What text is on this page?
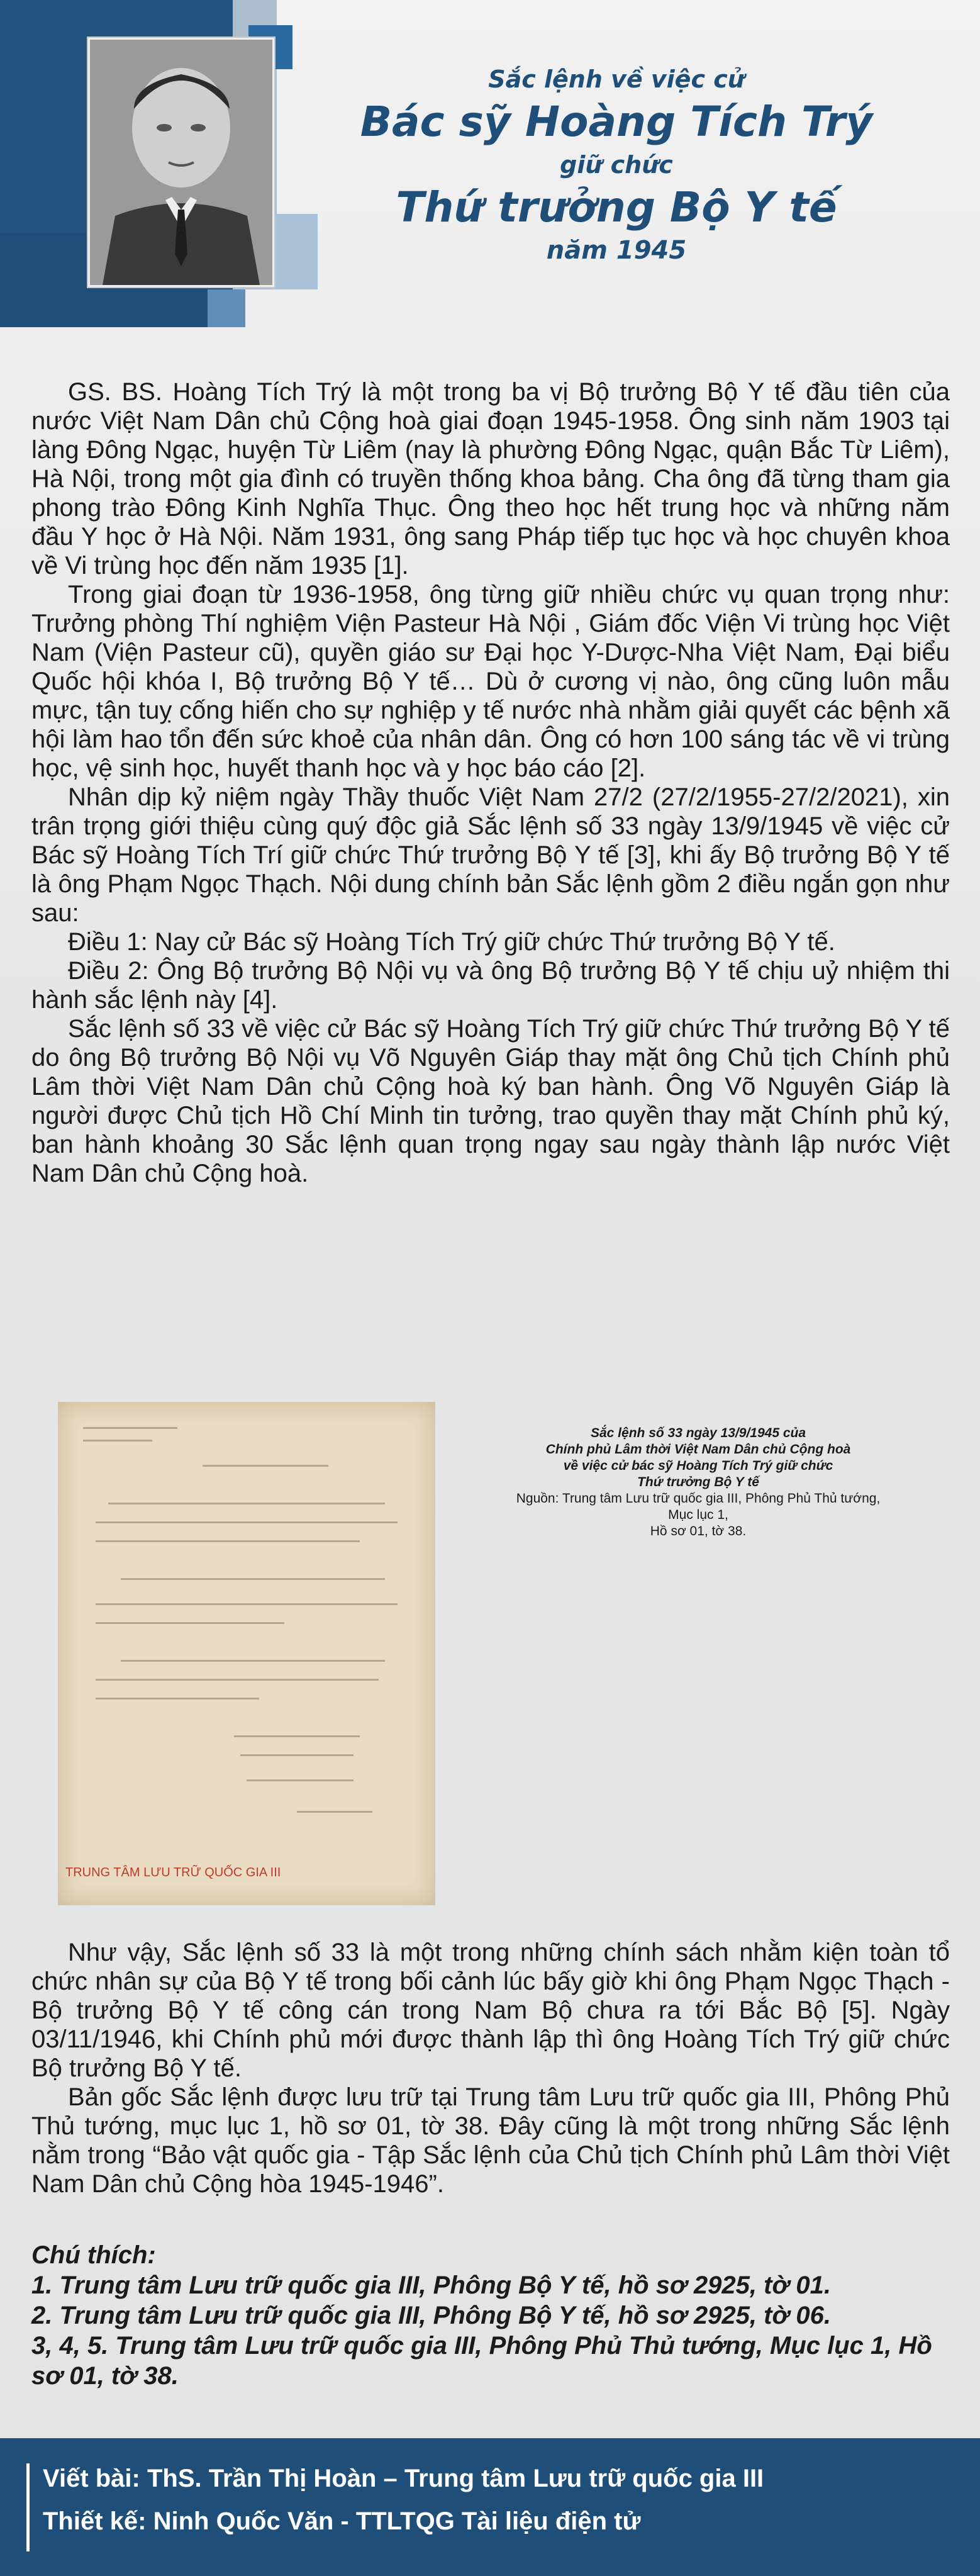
Sắc lệnh về việc cử
Bác sỹ Hoàng Tích Trý
giữ chức
Thứ trưởng Bộ Y tế
năm 1945

GS. BS. Hoàng Tích Trý là một trong ba vị Bộ trưởng Bộ Y tế đầu tiên của nước Việt Nam Dân chủ Cộng hoà giai đoạn 1945-1958. Ông sinh năm 1903 tại làng Đông Ngạc, huyện Từ Liêm (nay là phường Đông Ngạc, quận Bắc Từ Liêm), Hà Nội, trong một gia đình có truyền thống khoa bảng. Cha ông đã từng tham gia phong trào Đông Kinh Nghĩa Thục. Ông theo học hết trung học và những năm đầu Y học ở Hà Nội. Năm 1931, ông sang Pháp tiếp tục học và học chuyên khoa về Vi trùng học đến năm 1935 [1].

Trong giai đoạn từ 1936-1958, ông từng giữ nhiều chức vụ quan trọng như: Trưởng phòng Thí nghiệm Viện Pasteur Hà Nội , Giám đốc Viện Vi trùng học Việt Nam (Viện Pasteur cũ), quyền giáo sư Đại học Y-Dược-Nha Việt Nam, Đại biểu Quốc hội khóa I, Bộ trưởng Bộ Y tế… Dù ở cương vị nào, ông cũng luôn mẫu mực, tận tuỵ cống hiến cho sự nghiệp y tế nước nhà nhằm giải quyết các bệnh xã hội làm hao tổn đến sức khoẻ của nhân dân. Ông có hơn 100 sáng tác về vi trùng học, vệ sinh học, huyết thanh học và y học báo cáo [2].

Nhân dịp kỷ niệm ngày Thầy thuốc Việt Nam 27/2 (27/2/1955-27/2/2021), xin trân trọng giới thiệu cùng quý độc giả Sắc lệnh số 33 ngày 13/9/1945 về việc cử Bác sỹ Hoàng Tích Trí giữ chức Thứ trưởng Bộ Y tế [3], khi ấy Bộ trưởng Bộ Y tế là ông Phạm Ngọc Thạch. Nội dung chính bản Sắc lệnh gồm 2 điều ngắn gọn như sau:

Điều 1: Nay cử Bác sỹ Hoàng Tích Trý giữ chức Thứ trưởng Bộ Y tế.

Điều 2: Ông Bộ trưởng Bộ Nội vụ và ông Bộ trưởng Bộ Y tế chịu uỷ nhiệm thi hành sắc lệnh này [4].

Sắc lệnh số 33 về việc cử Bác sỹ Hoàng Tích Trý giữ chức Thứ trưởng Bộ Y tế do ông Bộ trưởng Bộ Nội vụ Võ Nguyên Giáp thay mặt ông Chủ tịch Chính phủ Lâm thời Việt Nam Dân chủ Cộng hoà ký ban hành. Ông Võ Nguyên Giáp là người được Chủ tịch Hồ Chí Minh tin tưởng, trao quyền thay mặt Chính phủ ký, ban hành khoảng 30 Sắc lệnh quan trọng ngay sau ngày thành lập nước Việt Nam Dân chủ Cộng hoà.

TRUNG TÂM LƯU TRỮ QUỐC GIA III
Sắc lệnh số 33 ngày 13/9/1945 của
Chính phủ Lâm thời Việt Nam Dân chủ Cộng hoà
về việc cử bác sỹ Hoàng Tích Trý giữ chức
Thứ trưởng Bộ Y tế
Nguồn: Trung tâm Lưu trữ quốc gia III, Phông Phủ Thủ tướng,
Mục lục 1,
Hồ sơ 01, tờ 38.

Như vậy, Sắc lệnh số 33 là một trong những chính sách nhằm kiện toàn tổ chức nhân sự của Bộ Y tế trong bối cảnh lúc bấy giờ khi ông Phạm Ngọc Thạch - Bộ trưởng Bộ Y tế công cán trong Nam Bộ chưa ra tới Bắc Bộ [5]. Ngày 03/11/1946, khi Chính phủ mới được thành lập thì ông Hoàng Tích Trý giữ chức Bộ trưởng Bộ Y tế.

Bản gốc Sắc lệnh được lưu trữ tại Trung tâm Lưu trữ quốc gia III, Phông Phủ Thủ tướng, mục lục 1, hồ sơ 01, tờ 38. Đây cũng là một trong những Sắc lệnh nằm trong “Bảo vật quốc gia - Tập Sắc lệnh của Chủ tịch Chính phủ Lâm thời Việt Nam Dân chủ Cộng hòa 1945-1946”.

Chú thích:
1. Trung tâm Lưu trữ quốc gia III, Phông Bộ Y tế, hồ sơ 2925, tờ 01.
2. Trung tâm Lưu trữ quốc gia III, Phông Bộ Y tế, hồ sơ 2925, tờ 06.
3, 4, 5. Trung tâm Lưu trữ quốc gia III, Phông Phủ Thủ tướng, Mục lục 1, Hồ sơ 01, tờ 38.
Viết bài: ThS. Trần Thị Hoàn – Trung tâm Lưu trữ quốc gia III
Thiết kế: Ninh Quốc Văn - TTLTQG Tài liệu điện tử
